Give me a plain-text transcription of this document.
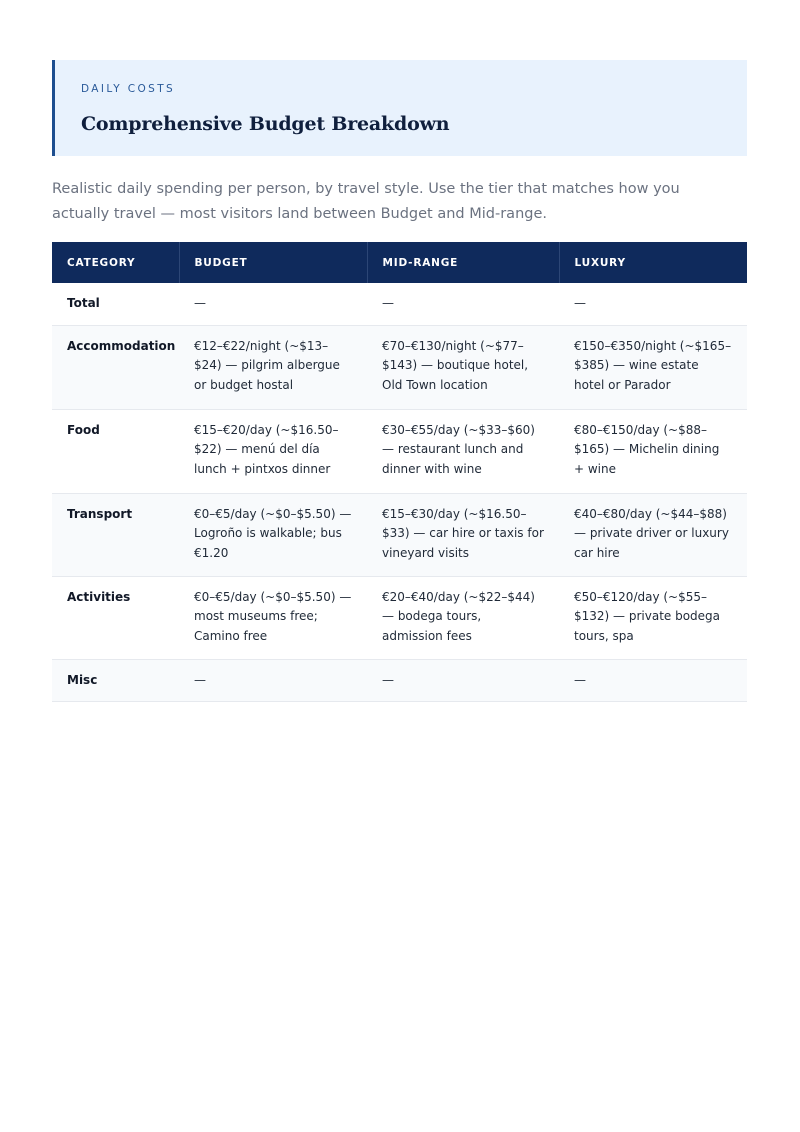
DAILY COSTS
Comprehensive Budget Breakdown

Realistic daily spending per person, by travel style. Use the tier that matches how you actually travel — most visitors land between Budget and Mid-range.

CATEGORY	BUDGET	MID-RANGE	LUXURY
Total	—	—	—
Accommodation	€12–€22/night (~$13–$24) — pilgrim albergue or budget hostal	€70–€130/night (~$77–$143) — boutique hotel, Old Town location	€150–€350/night (~$165–$385) — wine estate hotel or Parador
Food	€15–€20/day (~$16.50–$22) — menú del día lunch + pintxos dinner	€30–€55/day (~$33–$60) — restaurant lunch and dinner with wine	€80–€150/day (~$88–$165) — Michelin dining + wine
Transport	€0–€5/day (~$0–$5.50) — Logroño is walkable; bus €1.20	€15–€30/day (~$16.50–$33) — car hire or taxis for vineyard visits	€40–€80/day (~$44–$88) — private driver or luxury car hire
Activities	€0–€5/day (~$0–$5.50) — most museums free; Camino free	€20–€40/day (~$22–$44) — bodega tours, admission fees	€50–€120/day (~$55–$132) — private bodega tours, spa
Misc	—	—	—
